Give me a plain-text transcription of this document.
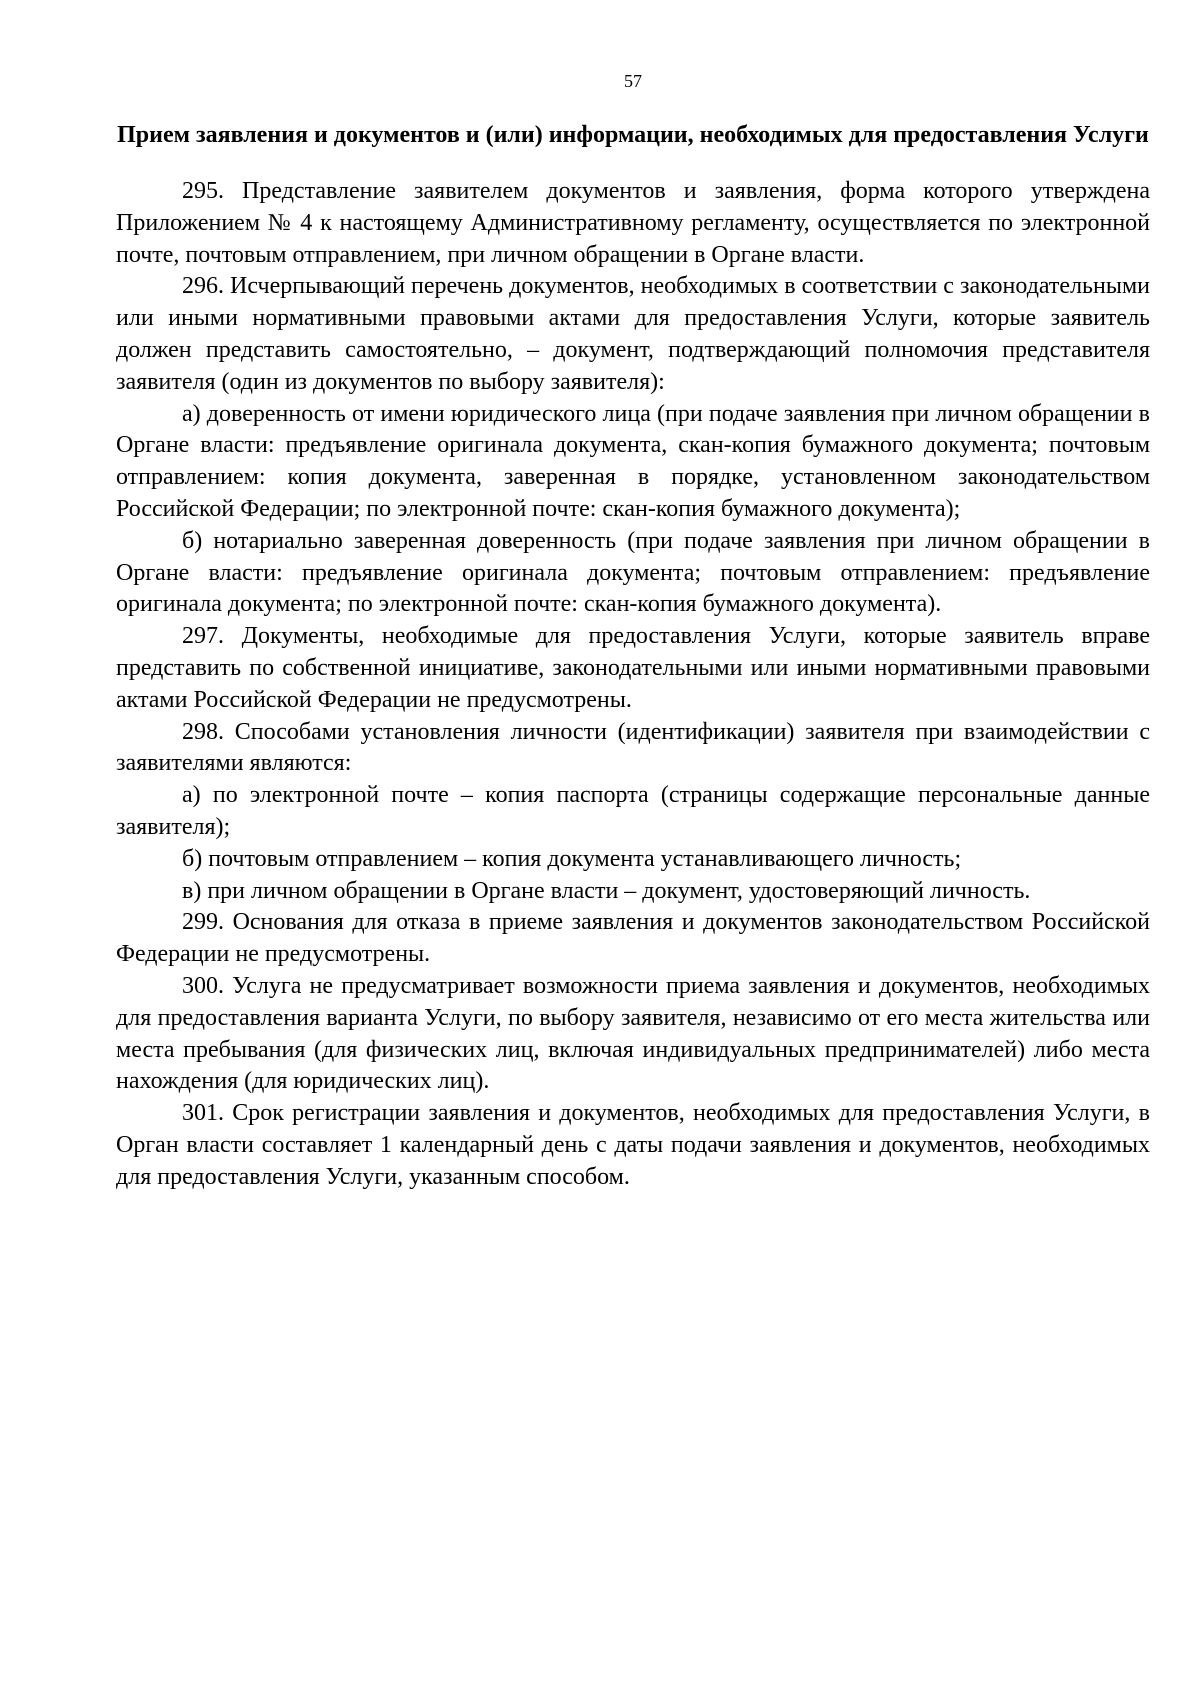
57
Прием заявления и документов и (или) информации, необходимых для предоставления Услуги

295. Представление заявителем документов и заявления, форма которого утверждена Приложением № 4 к настоящему Административному регламенту, осуществляется по электронной почте, почтовым отправлением, при личном обращении в Органе власти.

296. Исчерпывающий перечень документов, необходимых в соответствии с законодательными или иными нормативными правовыми актами для предоставления Услуги, которые заявитель должен представить самостоятельно, – документ, подтверждающий полномочия представителя заявителя (один из документов по выбору заявителя):

а) доверенность от имени юридического лица (при подаче заявления при личном обращении в Органе власти: предъявление оригинала документа, скан-копия бумажного документа; почтовым отправлением: копия документа, заверенная в порядке, установленном законодательством Российской Федерации; по электронной почте: скан-копия бумажного документа);

б) нотариально заверенная доверенность (при подаче заявления при личном обращении в Органе власти: предъявление оригинала документа; почтовым отправлением: предъявление оригинала документа; по электронной почте: скан-копия бумажного документа).

297. Документы, необходимые для предоставления Услуги, которые заявитель вправе представить по собственной инициативе, законодательными или иными нормативными правовыми актами Российской Федерации не предусмотрены.

298. Способами установления личности (идентификации) заявителя при взаимодействии с заявителями являются:

а) по электронной почте – копия паспорта (страницы содержащие персональные данные заявителя);

б) почтовым отправлением – копия документа устанавливающего личность;

в) при личном обращении в Органе власти – документ, удостоверяющий личность.

299. Основания для отказа в приеме заявления и документов законодательством Российской Федерации не предусмотрены.

300. Услуга не предусматривает возможности приема заявления и документов, необходимых для предоставления варианта Услуги, по выбору заявителя, независимо от его места жительства или места пребывания (для физических лиц, включая индивидуальных предпринимателей) либо места нахождения (для юридических лиц).

301. Срок регистрации заявления и документов, необходимых для предоставления Услуги, в Орган власти составляет 1 календарный день с даты подачи заявления и документов, необходимых для предоставления Услуги, указанным способом.
